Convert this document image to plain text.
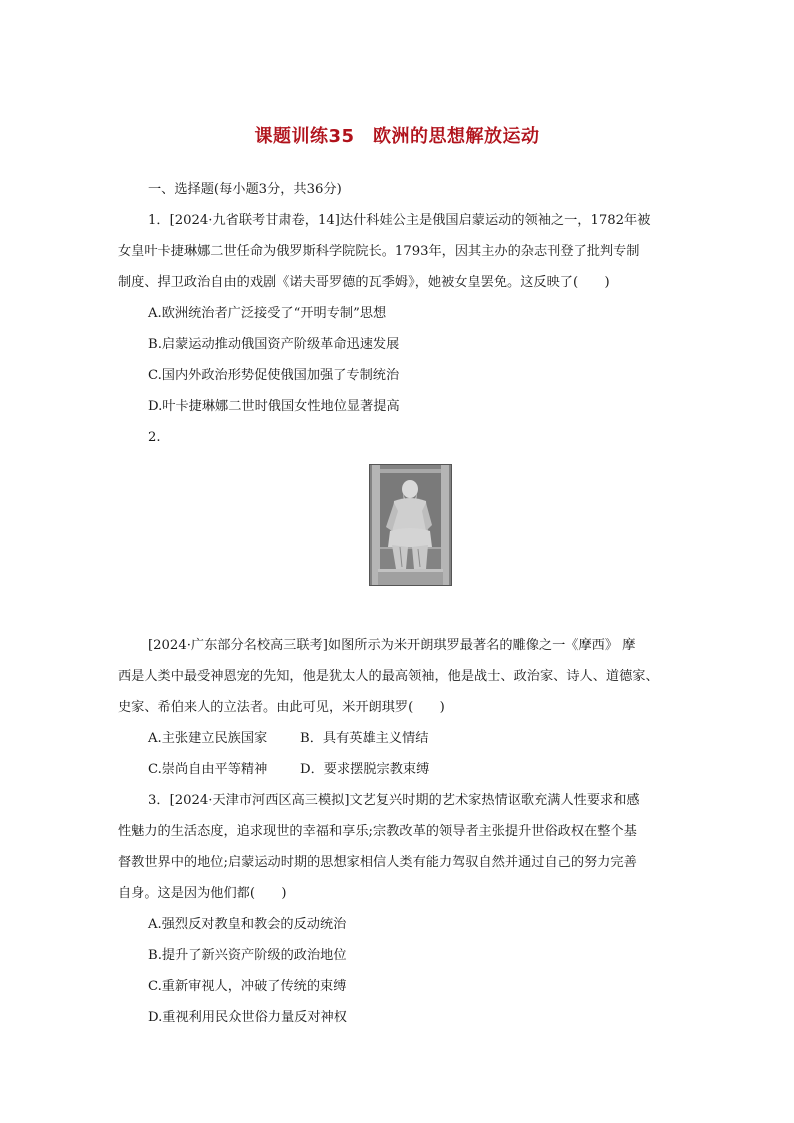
课题训练35　欧洲的思想解放运动
一、选择题(每小题3分，共36分)
1．[2024·九省联考甘肃卷，14]达什科娃公主是俄国启蒙运动的领袖之一，1782年被
女皇叶卡捷琳娜二世任命为俄罗斯科学院院长。1793年，因其主办的杂志刊登了批判专制
制度、捍卫政治自由的戏剧《诺夫哥罗德的瓦季姆》，她被女皇罢免。这反映了(　　)
A.欧洲统治者广泛接受了“开明专制”思想
B.启蒙运动推动俄国资产阶级革命迅速发展
C.国内外政治形势促使俄国加强了专制统治
D.叶卡捷琳娜二世时俄国女性地位显著提高
2.
[2024·广东部分名校高三联考]如图所示为米开朗琪罗最著名的雕像之一《摩西》 摩
西是人类中最受神恩宠的先知，他是犹太人的最高领袖，他是战士、政治家、诗人、道德家、
史家、希伯来人的立法者。由此可见，米开朗琪罗(　　)
A.主张建立民族国家 B．具有英雄主义情结
C.崇尚自由平等精神 D．要求摆脱宗教束缚
3．[2024·天津市河西区高三模拟]文艺复兴时期的艺术家热情讴歌充满人性要求和感
性魅力的生活态度，追求现世的幸福和享乐;宗教改革的领导者主张提升世俗政权在整个基
督教世界中的地位;启蒙运动时期的思想家相信人类有能力驾驭自然并通过自己的努力完善
自身。这是因为他们都(　　)
A.强烈反对教皇和教会的反动统治
B.提升了新兴资产阶级的政治地位
C.重新审视人，冲破了传统的束缚
D.重视利用民众世俗力量反对神权
